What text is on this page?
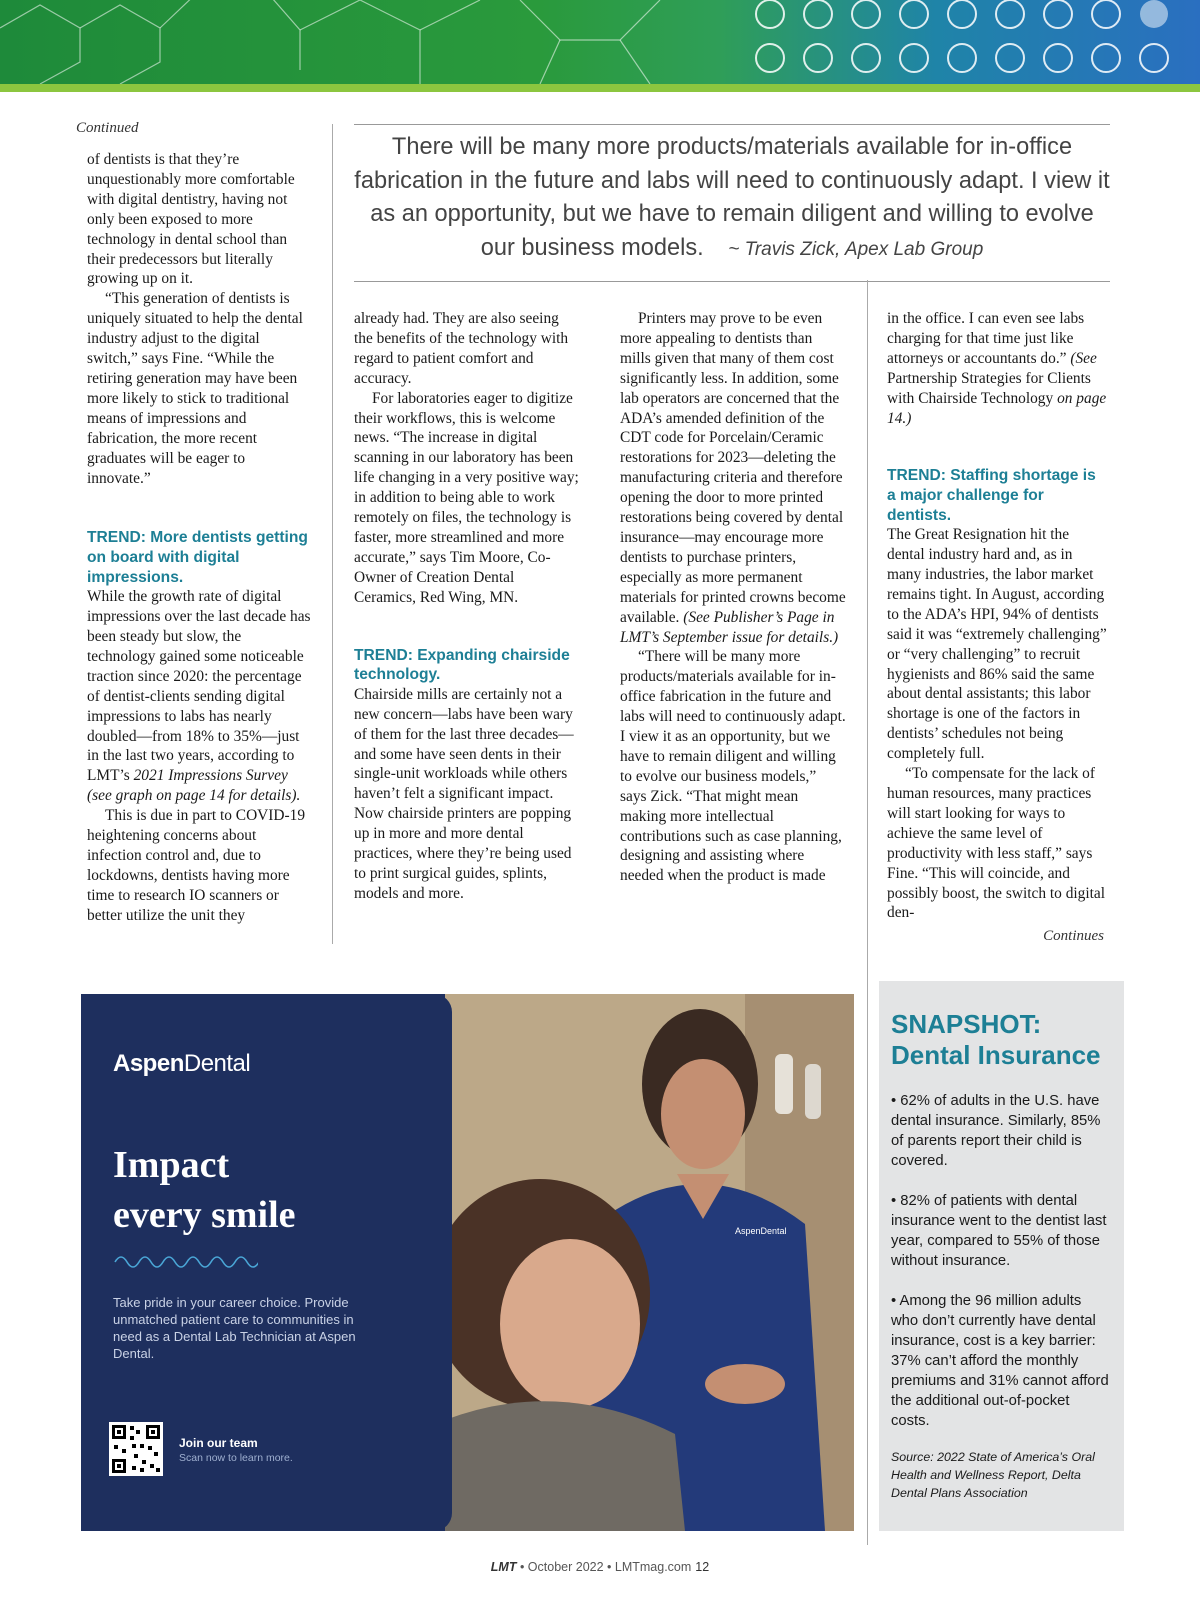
Continued

of dentists is that they’re unquestionably more comfortable with digital dentistry, having not only been exposed to more technology in dental school than their predecessors but literally growing up on it.

“This generation of dentists is uniquely situated to help the dental industry adjust to the digital switch,” says Fine. “While the retiring generation may have been more likely to stick to traditional means of impressions and fabrication, the more recent graduates will be eager to innovate.”

TREND: More dentists getting on board with digital impressions.

While the growth rate of digital impressions over the last decade has been steady but slow, the technology gained some noticeable traction since 2020: the percentage of dentist-clients sending digital impressions to labs has nearly doubled—from 18% to 35%—just in the last two years, according to LMT’s 2021 Impressions Survey (see graph on page 14 for details).

This is due in part to COVID-19 heightening concerns about infection control and, due to lockdowns, dentists having more time to research IO scanners or better utilize the unit they

There will be many more products/materials available for in-office fabrication in the future and labs will need to continuously adapt. I view it as an opportunity, but we have to remain diligent and willing to evolve our business models. ~ Travis Zick, Apex Lab Group

already had. They are also seeing the benefits of the technology with regard to patient comfort and accuracy.

For laboratories eager to digitize their workflows, this is welcome news. “The increase in digital scanning in our laboratory has been life changing in a very positive way; in addition to being able to work remotely on files, the technology is faster, more streamlined and more accurate,” says Tim Moore, Co-Owner of Creation Dental Ceramics, Red Wing, MN.

TREND: Expanding chairside technology.

Chairside mills are certainly not a new concern—labs have been wary of them for the last three decades—and some have seen dents in their single-unit workloads while others haven’t felt a significant impact. Now chairside printers are popping up in more and more dental practices, where they’re being used to print surgical guides, splints, models and more.

Printers may prove to be even more appealing to dentists than mills given that many of them cost significantly less. In addition, some lab operators are concerned that the ADA’s amended definition of the CDT code for Porcelain/Ceramic restorations for 2023—deleting the manufacturing criteria and therefore opening the door to more printed restorations being covered by dental insurance—may encourage more dentists to purchase printers, especially as more permanent materials for printed crowns become available. (See Publisher’s Page in LMT’s September issue for details.)

“There will be many more products/materials available for in-office fabrication in the future and labs will need to continuously adapt. I view it as an opportunity, but we have to remain diligent and willing to evolve our business models,” says Zick. “That might mean making more intellectual contributions such as case planning, designing and assisting where needed when the product is made

in the office. I can even see labs charging for that time just like attorneys or accountants do.” (See Partnership Strategies for Clients with Chairside Technology on page 14.)

TREND: Staffing shortage is a major challenge for dentists.

The Great Resignation hit the dental industry hard and, as in many industries, the labor market remains tight. In August, according to the ADA’s HPI, 94% of dentists said it was “extremely challenging” or “very challenging” to recruit hygienists and 86% said the same about dental assistants; this labor shortage is one of the factors in dentists’ schedules not being completely full.

“To compensate for the lack of human resources, many practices will start looking for ways to achieve the same level of productivity with less staff,” says Fine. “This will coincide, and possibly boost, the switch to digital den-

Continues
AspenDental
AspenDental
Impact
every smile
Take pride in your career choice. Provide unmatched patient care to communities in need as a Dental Lab Technician at Aspen Dental.
Join our team
Scan now to learn more.
SNAPSHOT:
Dental Insurance

• 62% of adults in the U.S. have dental insurance. Similarly, 85% of parents report their child is covered.

• 82% of patients with dental insurance went to the dentist last year, compared to 55% of those without insurance.

• Among the 96 million adults who don’t currently have dental insurance, cost is a key barrier: 37% can’t afford the monthly premiums and 31% cannot afford the additional out-of-pocket costs.

Source: 2022 State of America’s Oral Health and Wellness Report, Delta Dental Plans Association
LMT • October 2022 • LMTmag.com 12
